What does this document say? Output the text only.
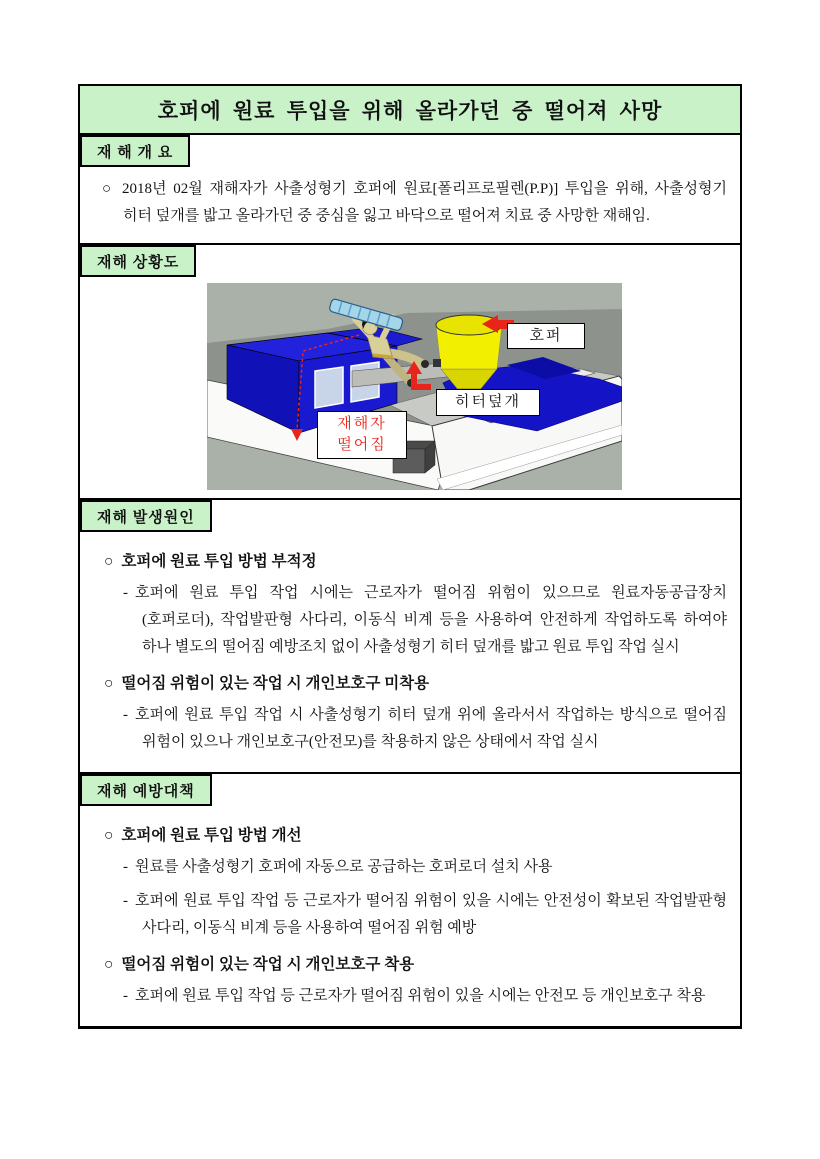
호퍼에 원료 투입을 위해 올라가던 중 떨어져 사망
재 해 개 요

○ 2018년 02월 재해자가 사출성형기 호퍼에 원료[폴리프로필렌(P.P)] 투입을 위해, 사출성형기 히터 덮개를 밟고 올라가던 중 중심을 잃고 바닥으로 떨어져 치료 중 사망한 재해임.

재해 상황도
호퍼
히터덮개
재해자
떨어짐
재해 발생원인

○ 호퍼에 원료 투입 방법 부적정

- 호퍼에 원료 투입 작업 시에는 근로자가 떨어짐 위험이 있으므로 원료자동공급장치(호퍼로더), 작업발판형 사다리, 이동식 비계 등을 사용하여 안전하게 작업하도록 하여야 하나 별도의 떨어짐 예방조치 없이 사출성형기 히터 덮개를 밟고 원료 투입 작업 실시

○ 떨어짐 위험이 있는 작업 시 개인보호구 미착용

- 호퍼에 원료 투입 작업 시 사출성형기 히터 덮개 위에 올라서서 작업하는 방식으로 떨어짐 위험이 있으나 개인보호구(안전모)를 착용하지 않은 상태에서 작업 실시

재해 예방대책

○ 호퍼에 원료 투입 방법 개선

- 원료를 사출성형기 호퍼에 자동으로 공급하는 호퍼로더 설치 사용

- 호퍼에 원료 투입 작업 등 근로자가 떨어짐 위험이 있을 시에는 안전성이 확보된 작업발판형 사다리, 이동식 비계 등을 사용하여 떨어짐 위험 예방

○ 떨어짐 위험이 있는 작업 시 개인보호구 착용

- 호퍼에 원료 투입 작업 등 근로자가 떨어짐 위험이 있을 시에는 안전모 등 개인보호구 착용
